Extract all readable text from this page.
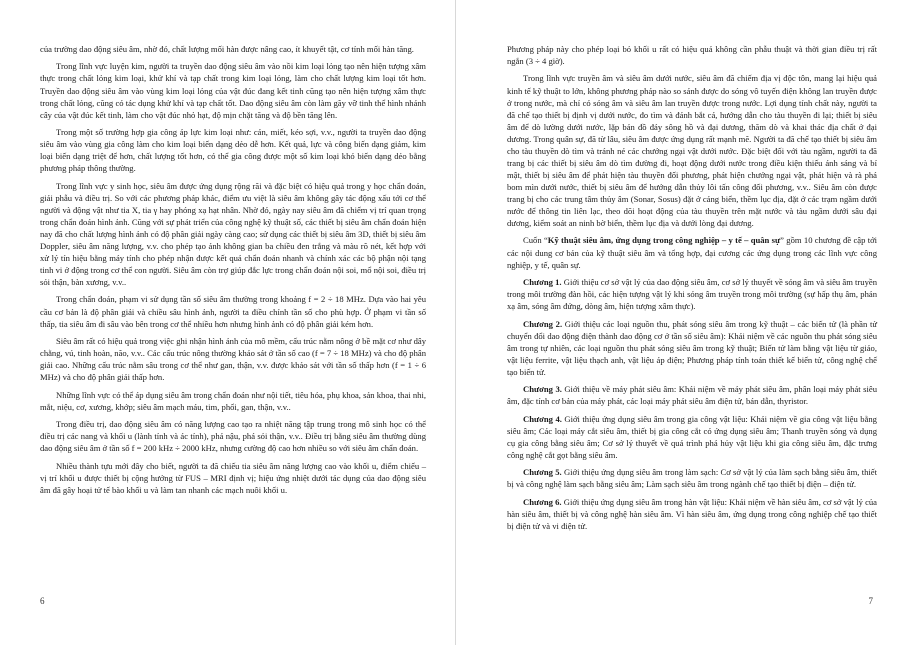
của trường dao động siêu âm, nhờ đó, chất lượng mối hàn được nâng cao, ít khuyết tật, cơ tính mối hàn tăng.

Trong lĩnh vực luyện kim, người ta truyền dao động siêu âm vào nồi kim loại lỏng tạo nên hiện tượng xâm thực trong chất lỏng kim loại, khử khí và tạp chất trong kim loại lỏng, làm cho chất lượng kim loại tốt hơn. Truyền dao động siêu âm vào vùng kim loại lỏng của vật đúc đang kết tinh cũng tạo nên hiện tượng xâm thực trong chất lỏng, cũng có tác dụng khử khí và tạp chất tốt. Dao động siêu âm còn làm gãy vỡ tinh thể hình nhánh cây của vật đúc kết tinh, làm cho vật đúc nhỏ hạt, độ mịn chặt tăng và độ bền tăng lên.

Trong một số trường hợp gia công áp lực kim loại như: cán, miết, kéo sợi, v.v., người ta truyền dao động siêu âm vào vùng gia công làm cho kim loại biến dạng dẻo dễ hơn. Kết quả, lực và công biến dạng giảm, kim loại biến dạng triệt để hơn, chất lượng tốt hơn, có thể gia công được một số kim loại khó biến dạng dẻo bằng phương pháp thông thường.

Trong lĩnh vực y sinh học, siêu âm được ứng dụng rộng rãi và đặc biệt có hiệu quả trong y học chẩn đoán, giải phẫu và điều trị. So với các phương pháp khác, điểm ưu việt là siêu âm không gây tác động xấu tới cơ thể người và động vật như tia X, tia γ hay phóng xạ hạt nhân. Nhờ đó, ngày nay siêu âm đã chiếm vị trí quan trọng trong chẩn đoán hình ảnh. Cũng với sự phát triển của công nghệ kỹ thuật số, các thiết bị siêu âm chẩn đoán hiện nay đã cho chất lượng hình ảnh có độ phân giải ngày càng cao; sử dụng các thiết bị siêu âm 3D, thiết bị siêu âm Doppler, siêu âm năng lượng, v.v. cho phép tạo ảnh không gian ba chiều đen trắng và màu rõ nét, kết hợp với xử lý tín hiệu bằng máy tính cho phép nhận được kết quả chẩn đoán nhanh và chính xác các bộ phận nội tạng tinh vi ở động trong cơ thể con người. Siêu âm còn trợ giúp đắc lực trong chẩn đoán nội soi, mổ nội soi, điều trị sỏi thận, bàn xương, v.v..

Trong chẩn đoán, phạm vi sử dụng tần số siêu âm thường trong khoảng f = 2 ÷ 18 MHz. Dựa vào hai yêu cầu cơ bản là độ phân giải và chiều sâu hình ảnh, người ta điều chỉnh tần số cho phù hợp. Ở phạm vi tần số thấp, tia siêu âm đi sâu vào bên trong cơ thể nhiều hơn nhưng hình ảnh có độ phân giải kém hơn.

Siêu âm rất có hiệu quả trong việc ghi nhận hình ảnh của mô mềm, cấu trúc nằm nông ở bề mặt cơ như dây chằng, vú, tinh hoàn, não, v.v.. Các cấu trúc nông thường khảo sát ở tần số cao (f = 7 ÷ 18 MHz) và cho độ phân giải cao. Những cấu trúc nằm sâu trong cơ thể như gan, thận, v.v. được khảo sát với tần số thấp hơn (f = 1 ÷ 6 MHz) và cho độ phân giải thấp hơn.

Những lĩnh vực có thể áp dụng siêu âm trong chẩn đoán như nội tiết, tiêu hóa, phụ khoa, sản khoa, thai nhi, mắt, niệu, cơ, xương, khớp; siêu âm mạch máu, tim, phổi, gan, thận, v.v..

Trong điều trị, dao động siêu âm có năng lượng cao tạo ra nhiệt năng tập trung trong mô sinh học có thể điều trị các nang và khối u (lành tính và ác tính), phá nậu, phá sỏi thận, v.v.. Điều trị bằng siêu âm thường dùng dao động siêu âm ở tần số f = 200 kHz ÷ 2000 kHz, nhưng cường độ cao hơn nhiều so với siêu âm chẩn đoán.

Nhiều thành tựu mới đây cho biết, người ta đã chiếu tia siêu âm năng lượng cao vào khối u, điểm chiếu – vị trí khối u được thiết bị cộng hưởng từ FUS – MRI định vị; hiệu ứng nhiệt dưới tác dụng của dao động siêu âm đã gây hoại tử tế bào khối u và làm tan nhanh các mạch nuôi khối u.

6

Phương pháp này cho phép loại bỏ khối u rất có hiệu quả không cần phẫu thuật và thời gian điều trị rất ngắn (3 ÷ 4 giờ).

Trong lĩnh vực truyền âm và siêu âm dưới nước, siêu âm đã chiếm địa vị độc tôn, mang lại hiệu quả kinh tế kỹ thuật to lớn, không phương pháp nào so sánh được do sóng vô tuyến điện không lan truyền được ở trong nước, mà chỉ có sóng âm và siêu âm lan truyền được trong nước. Lợi dụng tính chất này, người ta đã chế tạo thiết bị định vị dưới nước, đo tìm và đánh bắt cá, hướng dẫn cho tàu thuyền đi lại; thiết bị siêu âm để dò lường dưới nước, lặp bản đồ đáy sông hồ và đại dương, thăm dò và khai thác địa chất ở đại dương. Trong quân sự, đã từ lâu, siêu âm được ứng dụng rất mạnh mẽ. Người ta đã chế tạo thiết bị siêu âm cho tàu thuyền dò tìm và tránh né các chướng ngại vật dưới nước. Đặc biệt đối với tàu ngầm, người ta đã trang bị các thiết bị siêu âm dò tìm đường đi, hoạt động dưới nước trong điều kiện thiếu ánh sáng và bí mật, thiết bị siêu âm để phát hiện tàu thuyền đối phương, phát hiện chướng ngại vật, phát hiện và rà phá bom mìn dưới nước, thiết bị siêu âm để hướng dẫn thủy lôi tấn công đối phương, v.v.. Siêu âm còn được trang bị cho các trung tâm thủy âm (Sonar, Sosus) đặt ở cảng biển, thềm lục địa, đặt ở các trạm ngầm dưới nước để thông tin liên lạc, theo dõi hoạt động của tàu thuyền trên mặt nước và tàu ngầm dưới sâu đại dương, kiểm soát an ninh bờ biển, thềm lục địa và dưới lòng đại dương.

Cuốn “Kỹ thuật siêu âm, ứng dụng trong công nghiệp – y tế – quân sự” gồm 10 chương đề cập tới các nội dung cơ bản của kỹ thuật siêu âm và tổng hợp, đại cương các ứng dụng trong các lĩnh vực công nghiệp, y tế, quân sự.

Chương 1. Giới thiệu cơ sở vật lý của dao động siêu âm, cơ sở lý thuyết về sóng âm và siêu âm truyền trong môi trường đàn hồi, các hiện tượng vật lý khi sóng âm truyền trong môi trường (sự hấp thụ âm, phản xạ âm, sóng âm đứng, dòng âm, hiện tượng xâm thực).

Chương 2. Giới thiệu các loại nguồn thu, phát sóng siêu âm trong kỹ thuật – các biến tử (là phần tử chuyển đổi dao động điện thành dao động cơ ở tần số siêu âm): Khái niệm về các nguồn thu phát sóng siêu âm trong tự nhiên, các loại nguồn thu phát sóng siêu âm trong kỹ thuật; Biến tử làm bằng vật liệu từ giảo, vật liệu ferrite, vật liệu thạch anh, vật liệu áp điện; Phương pháp tính toán thiết kế biến tử, công nghệ chế tạo biến tử.

Chương 3. Giới thiệu về máy phát siêu âm: Khái niệm về máy phát siêu âm, phân loại máy phát siêu âm, đặc tính cơ bản của máy phát, các loại máy phát siêu âm điện tử, bán dẫn, thyristor.

Chương 4. Giới thiệu ứng dụng siêu âm trong gia công vật liệu: Khái niệm về gia công vật liệu bằng siêu âm; Các loại máy cắt siêu âm, thiết bị gia công cắt có ứng dụng siêu âm; Thanh truyền sóng và dụng cụ gia công bằng siêu âm; Cơ sở lý thuyết về quá trình phá hủy vật liệu khi gia công siêu âm, đặc trưng công nghệ cắt gọt bằng siêu âm.

Chương 5. Giới thiệu ứng dụng siêu âm trong làm sạch: Cơ sở vật lý của làm sạch bằng siêu âm, thiết bị và công nghệ làm sạch bằng siêu âm; Làm sạch siêu âm trong ngành chế tạo thiết bị điện – điện tử.

Chương 6. Giới thiệu ứng dụng siêu âm trong hàn vật liệu: Khái niệm về hàn siêu âm, cơ sở vật lý của hàn siêu âm, thiết bị và công nghệ hàn siêu âm. Vì hàn siêu âm, ứng dụng trong công nghiệp chế tạo thiết bị điện tử và vi điện tử.

7
